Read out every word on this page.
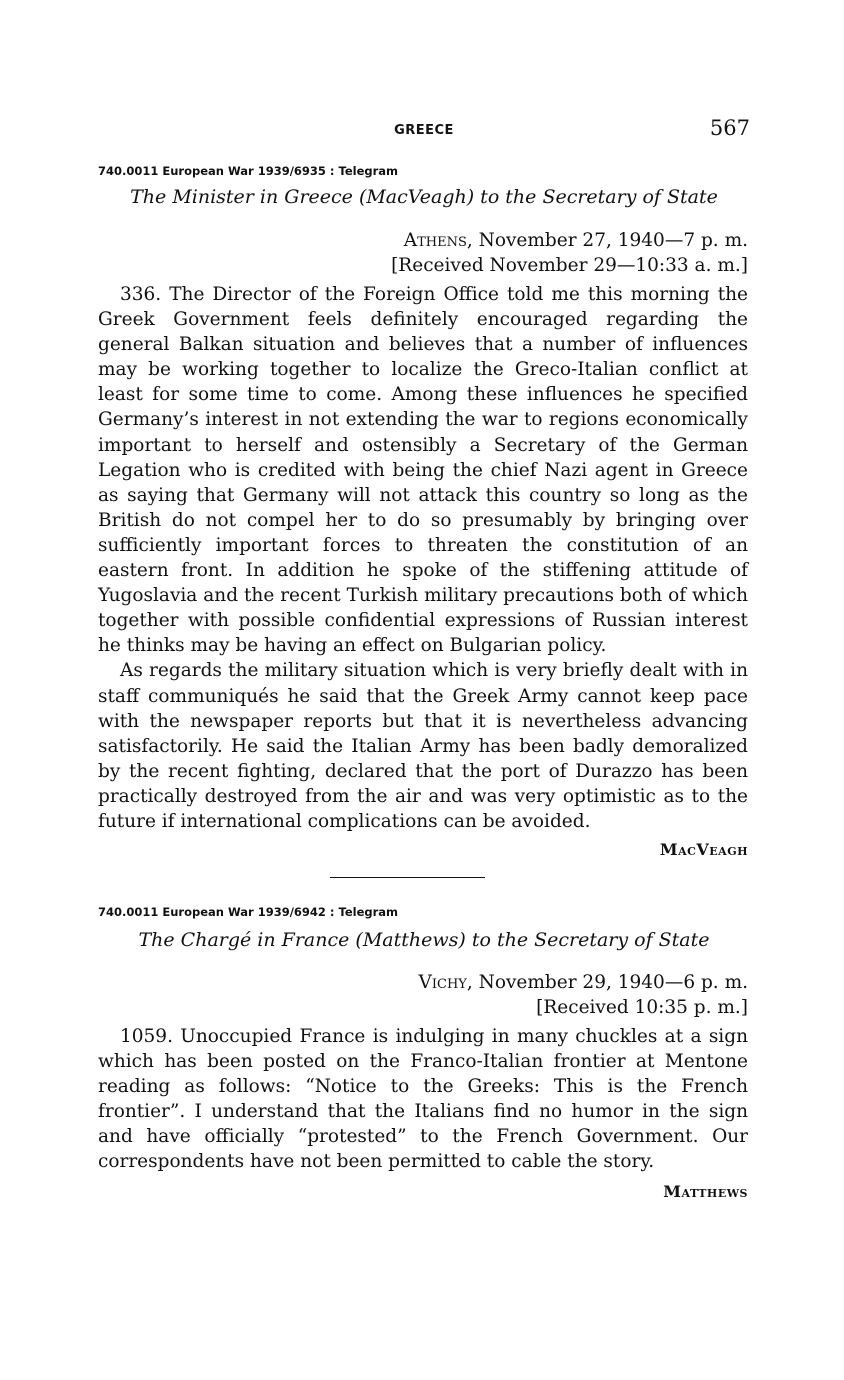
GREECE	567
740.0011 European War 1939/6935 : Telegram
The Minister in Greece (MacVeagh) to the Secretary of State
Athens, November 27, 1940—7 p. m.
[Received November 29—10:33 a. m.]

336. The Director of the Foreign Office told me this morning the Greek Government feels definitely encouraged regarding the general Balkan situation and believes that a number of influences may be working together to localize the Greco-Italian conflict at least for some time to come. Among these influences he specified Germany’s interest in not extending the war to regions economically important to herself and ostensibly a Secretary of the German Legation who is credited with being the chief Nazi agent in Greece as saying that Germany will not attack this country so long as the British do not compel her to do so presumably by bringing over sufficiently important forces to threaten the constitution of an eastern front. In addition he spoke of the stiffening attitude of Yugoslavia and the recent Turkish military precautions both of which together with possible confidential expressions of Russian interest he thinks may be having an effect on Bulgarian policy.

As regards the military situation which is very briefly dealt with in staff communiqués he said that the Greek Army cannot keep pace with the newspaper reports but that it is nevertheless advancing satisfactorily. He said the Italian Army has been badly demoralized by the recent fighting, declared that the port of Durazzo has been practically destroyed from the air and was very optimistic as to the future if international complications can be avoided.

MacVeagh
740.0011 European War 1939/6942 : Telegram
The Chargé in France (Matthews) to the Secretary of State
Vichy, November 29, 1940—6 p. m.
[Received 10:35 p. m.]

1059. Unoccupied France is indulging in many chuckles at a sign which has been posted on the Franco-Italian frontier at Mentone reading as follows: “Notice to the Greeks: This is the French frontier”. I understand that the Italians find no humor in the sign and have officially “protested” to the French Government. Our correspondents have not been permitted to cable the story.

Matthews
